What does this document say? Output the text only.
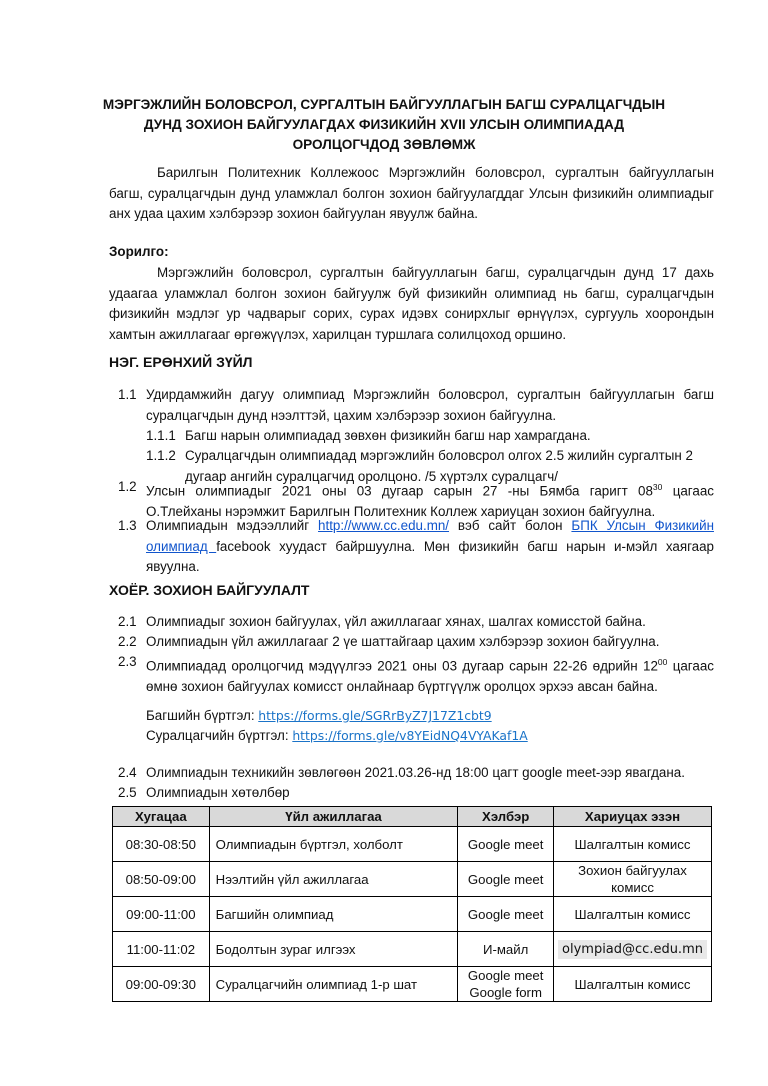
МЭРГЭЖЛИЙН БОЛОВСРОЛ, СУРГАЛТЫН БАЙГУУЛЛАГЫН БАГШ СУРАЛЦАГЧДЫН ДУНД ЗОХИОН БАЙГУУЛАГДАХ ФИЗИКИЙН XVII УЛСЫН ОЛИМПИАДАД ОРОЛЦОГЧДОД ЗӨВЛӨМЖ
Барилгын Политехник Коллежоос Мэргэжлийн боловсрол, сургалтын байгууллагын багш, суралцагчдын дунд уламжлал болгон зохион байгуулагддаг Улсын физикийн олимпиадыг анх удаа цахим хэлбэрээр зохион байгуулан явуулж байна.
Зорилго:
Мэргэжлийн боловсрол, сургалтын байгууллагын багш, суралцагчдын дунд 17 дахь удаагаа уламжлал болгон зохион байгуулж буй физикийн олимпиад нь багш, суралцагчдын физикийн мэдлэг ур чадварыг сорих, сурах идэвх сонирхлыг өрнүүлэх, сургууль хоорондын хамтын ажиллагааг өргөжүүлэх, харилцан туршлага солилцоход оршино.
НЭГ. ЕРӨНХИЙ ЗҮЙЛ
1.1 Удирдамжийн дагуу олимпиад Мэргэжлийн боловсрол, сургалтын байгууллагын багш суралцагчдын дунд нээлттэй, цахим хэлбэрээр зохион байгуулна.
1.1.1 Багш нарын олимпиадад зөвхөн физикийн багш нар хамрагдана.
1.1.2 Суралцагчдын олимпиадад мэргэжлийн боловсрол олгох 2.5 жилийн сургалтын 2 дугаар ангийн суралцагчид оролцоно. /5 хүртэлх суралцагч/
1.2 Улсын олимпиадыг 2021 оны 03 дугаар сарын 27 -ны Бямба гаригт $08^{30}$ цагаас О.Тлейханы нэрэмжит Барилгын Политехник Коллеж хариуцан зохион байгуулна.
1.3 Олимпиадын мэдээллийг http://www.cc.edu.mn/ вэб сайт болон БПК Улсын Физикийн олимпиад facebook хуудаст байршуулна. Мөн физикийн багш нарын и-мэйл хаягаар явуулна.
ХОЁР. ЗОХИОН БАЙГУУЛАЛТ
2.1 Олимпиадыг зохион байгуулах, үйл ажиллагааг хянах, шалгах комисстой байна.
2.2 Олимпиадын үйл ажиллагааг 2 үе шаттайгаар цахим хэлбэрээр зохион байгуулна.
2.3 Олимпиадад оролцогчид мэдүүлгээ 2021 оны 03 дугаар сарын 22-26 өдрийн $12^{00}$ цагаас өмнө зохион байгуулах комисст онлайнаар бүртгүүлж оролцох эрхээ авсан байна.
Багшийн бүртгэл: https://forms.gle/SGRrByZ7J17Z1cbt9
Суралцагчийн бүртгэл: https://forms.gle/v8YEidNQ4VYAKaf1A
2.4 Олимпиадын техникийн зөвлөгөөн 2021.03.26-нд 18:00 цагт google meet-ээр явагдана.
2.5 Олимпиадын хөтөлбөр
Хугацаа	Үйл ажиллагаа	Хэлбэр	Хариуцах эзэн
08:30-08:50	Олимпиадын бүртгэл, холболт	Google meet	Шалгалтын комисс
08:50-09:00	Нээлтийн үйл ажиллагаа	Google meet	Зохион байгуулах комисс
09:00-11:00	Багшийн олимпиад	Google meet	Шалгалтын комисс
11:00-11:02	Бодолтын зураг илгээх	И-майл	olympiad@cc.edu.mn
09:00-09:30	Суралцагчийн олимпиад 1-р шат	Google meet Google form	Шалгалтын комисс
